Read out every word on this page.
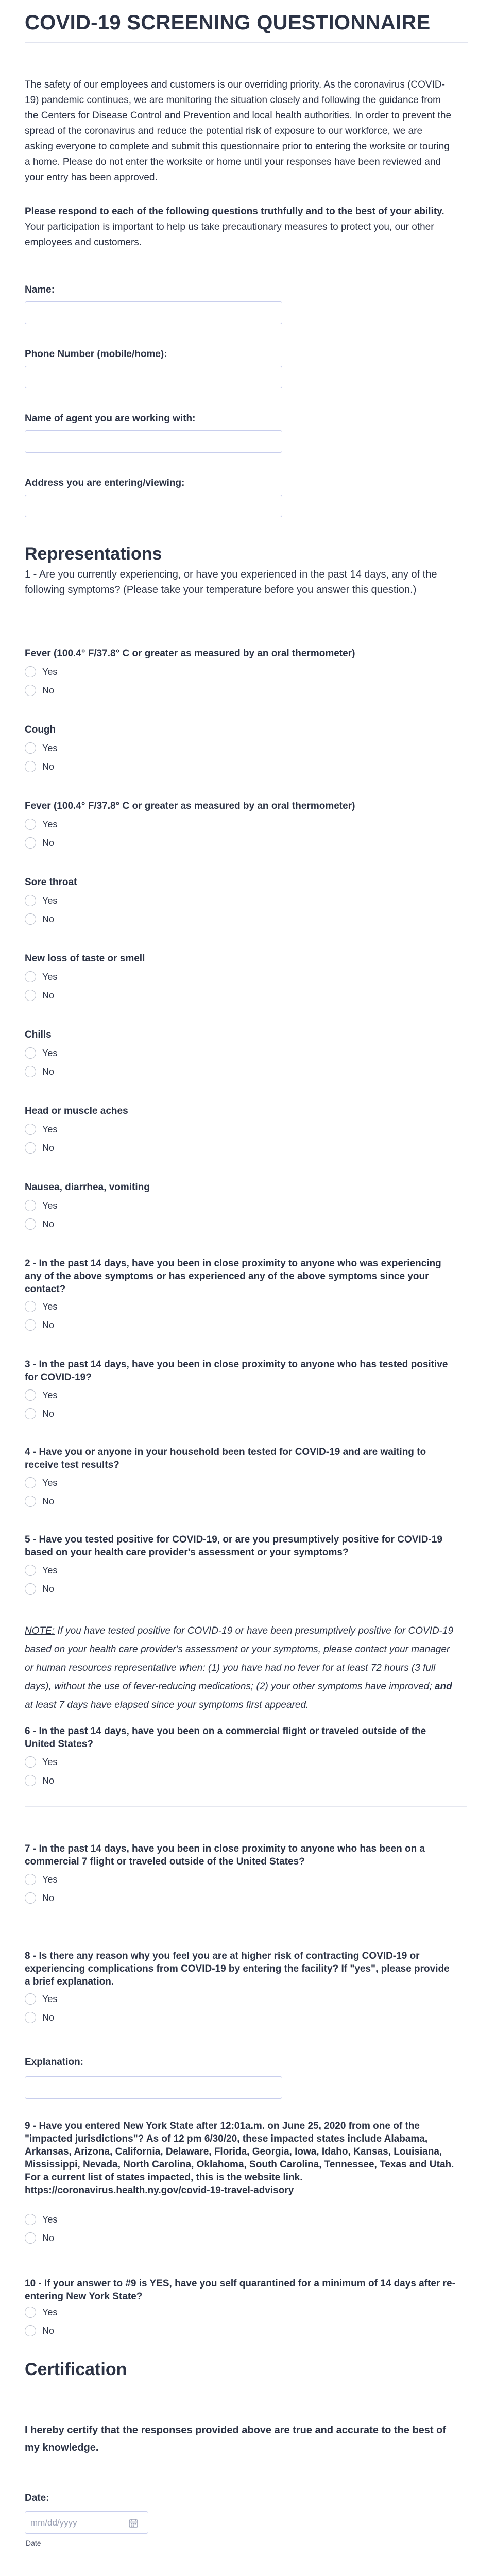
COVID-19 SCREENING QUESTIONNAIRE

The safety of our employees and customers is our overriding priority. As the coronavirus (COVID-19) pandemic continues, we are monitoring the situation closely and following the guidance from the Centers for Disease Control and Prevention and local health authorities. In order to prevent the spread of the coronavirus and reduce the potential risk of exposure to our workforce, we are asking everyone to complete and submit this questionnaire prior to entering the worksite or touring a home. Please do not enter the worksite or home until your responses have been reviewed and your entry has been approved.

Please respond to each of the following questions truthfully and to the best of your ability. Your participation is important to help us take precautionary measures to protect you, our other employees and customers.

Name:

Phone Number (mobile/home):

Name of agent you are working with:

Address you are entering/viewing:

Representations

1 - Are you currently experiencing, or have you experienced in the past 14 days, any of the following symptoms? (Please take your temperature before you answer this question.)

Fever (100.4° F/37.8° C or greater as measured by an oral thermometer)

Yes
No

Cough

Yes
No

Fever (100.4° F/37.8° C or greater as measured by an oral thermometer)

Yes
No

Sore throat

Yes
No

New loss of taste or smell

Yes
No

Chills

Yes
No

Head or muscle aches

Yes
No

Nausea, diarrhea, vomiting

Yes
No

2 - In the past 14 days, have you been in close proximity to anyone who was experiencing any of the above symptoms or has experienced any of the above symptoms since your contact?

Yes
No

3 - In the past 14 days, have you been in close proximity to anyone who has tested positive for COVID-19?

Yes
No

4 - Have you or anyone in your household been tested for COVID-19 and are waiting to receive test results?

Yes
No

5 - Have you tested positive for COVID-19, or are you presumptively positive for COVID-19 based on your health care provider's assessment or your symptoms?

Yes
No

NOTE: If you have tested positive for COVID-19 or have been presumptively positive for COVID-19 based on your health care provider's assessment or your symptoms, please contact your manager or human resources representative when: (1) you have had no fever for at least 72 hours (3 full days), without the use of fever-reducing medications; (2) your other symptoms have improved; and at least 7 days have elapsed since your symptoms first appeared.

6 - In the past 14 days, have you been on a commercial flight or traveled outside of the United States?

Yes
No

7 - In the past 14 days, have you been in close proximity to anyone who has been on a commercial 7 flight or traveled outside of the United States?

Yes
No

8 - Is there any reason why you feel you are at higher risk of contracting COVID-19 or experiencing complications from COVID-19 by entering the facility? If "yes", please provide a brief explanation.

Yes
No

Explanation:

9 - Have you entered New York State after 12:01a.m. on June 25, 2020 from one of the "impacted jurisdictions"? As of 12 pm 6/30/20, these impacted states include Alabama, Arkansas, Arizona, California, Delaware, Florida, Georgia, Iowa, Idaho, Kansas, Louisiana, Mississippi, Nevada, North Carolina, Oklahoma, South Carolina, Tennessee, Texas and Utah. For a current list of states impacted, this is the website link. https://coronavirus.health.ny.gov/covid-19-travel-advisory

Yes
No

10 - If your answer to #9 is YES, have you self quarantined for a minimum of 14 days after re-entering New York State?

Yes
No
Certification

I hereby certify that the responses provided above are true and accurate to the best of my knowledge.

Date:

mm/dd/yyyy
Date
